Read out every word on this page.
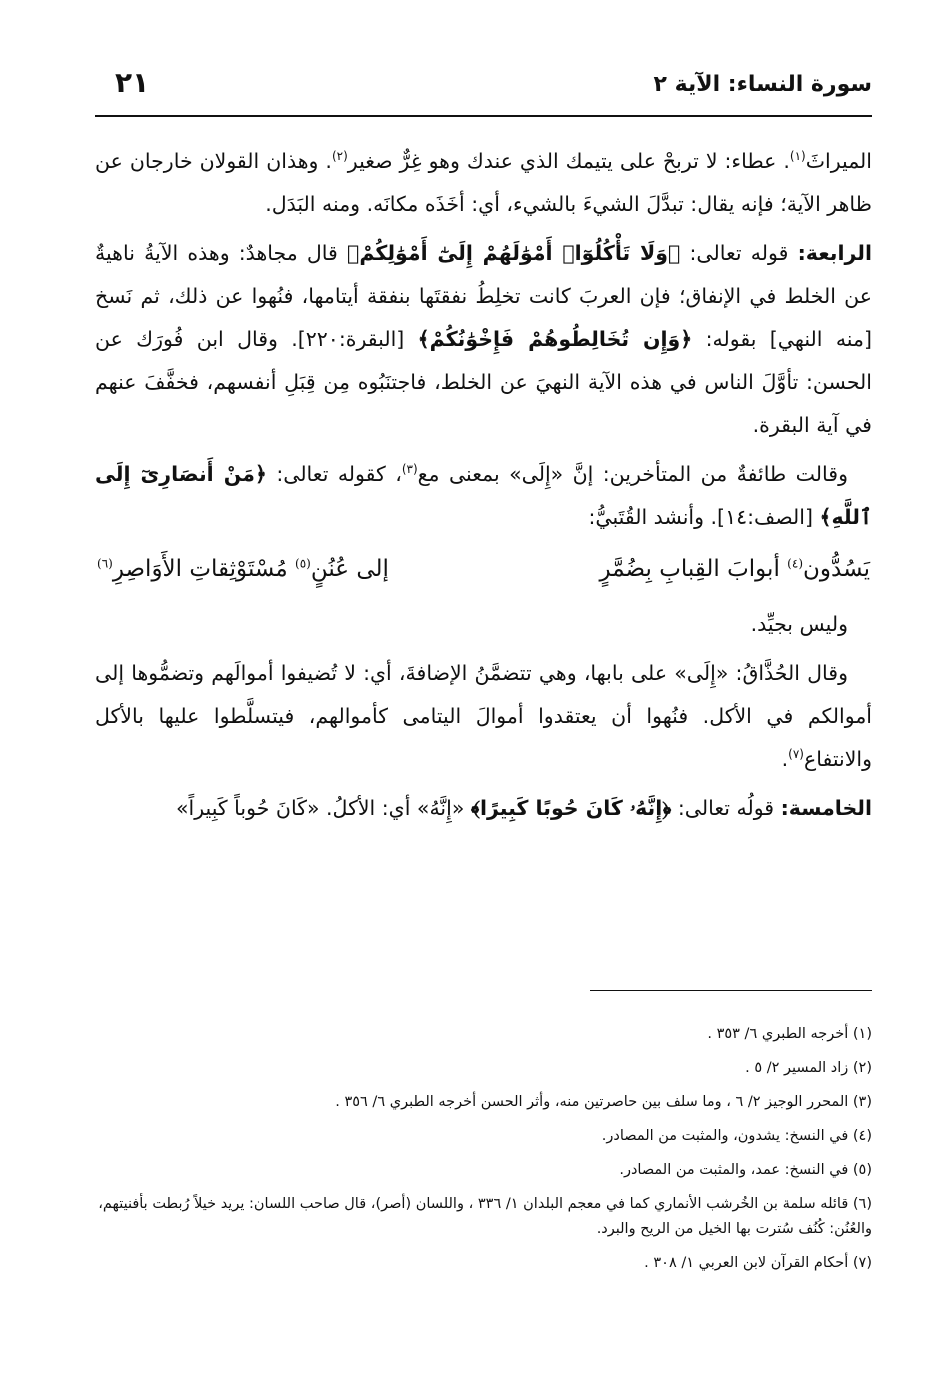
سورة النساء: الآية ٢
٢١

الميراثَ$^{(١)}$. عطاء: لا تربحْ على يتيمك الذي عندك وهو غِرٌّ صغير$^{(٢)}$. وهذان القولان خارجان عن ظاهر الآية؛ فإنه يقال: تبدَّلَ الشيءَ بالشيء، أي: أخَذَه مكانَه. ومنه البَدَل.

الرابعة: قوله تعالى: ﴿وَلَا تَأْكُلُوٓا۟ أَمْوَٰلَهُمْ إِلَىٰٓ أَمْوَٰلِكُمْ﴾ قال مجاهدٌ: وهذه الآيةُ ناهيةٌ عن الخلط في الإنفاق؛ فإن العربَ كانت تخلِطُ نفقتَها بنفقة أيتامها، فنُهوا عن ذلك، ثم نَسخ [منه النهي] بقوله: ﴿وَإِن تُخَالِطُوهُمْ فَإِخْوَٰنُكُمْ﴾ [البقرة:٢٢٠]. وقال ابن فُورَك عن الحسن: تأوَّلَ الناس في هذه الآية النهيَ عن الخلط، فاجتنَبُوه مِن قِبَلِ أنفسهم، فخفَّفَ عنهم في آية البقرة.

وقالت طائفةٌ من المتأخرين: إنَّ «إِلَى» بمعنى مع$^{(٣)}$، كقوله تعالى: ﴿مَنْ أَنصَارِىٓ إِلَى ٱللَّهِ﴾ [الصف:١٤]. وأنشد القُتَبيُّ:

يَسُدُّون$^{(٤)}$ أبوابَ القِبابِ بِضُمَّرٍ
إلى عُنُنٍ$^{(٥)}$ مُسْتَوْثِقاتِ الأَوَاصِرِ$^{(٦)}$

وليس بجيِّد.

وقال الحُذَّاقُ: «إِلَى» على بابها، وهي تتضمَّنُ الإضافةَ، أي: لا تُضيفوا أموالَهم وتضمُّوها إلى أموالكم في الأكل. فنُهوا أن يعتقدوا أموالَ اليتامى كأموالهم، فيتسلَّطوا عليها بالأكل والانتفاع$^{(٧)}$.

الخامسة: قولُه تعالى: ﴿إِنَّهُۥ كَانَ حُوبًا كَبِيرًا﴾ «إِنَّهُ» أي: الأكلُ. «كَانَ حُوباً كَبِيراً»

(١) أخرجه الطبري ٦/ ٣٥٣ .
(٢) زاد المسير ٢/ ٥ .
(٣) المحرر الوجيز ٢/ ٦ ، وما سلف بين حاصرتين منه، وأثر الحسن أخرجه الطبري ٦/ ٣٥٦ .
(٤) في النسخ: يشدون، والمثبت من المصادر.
(٥) في النسخ: عمد، والمثبت من المصادر.
(٦) قائله سلمة بن الخُرشب الأنماري كما في معجم البلدان ١/ ٣٣٦ ، واللسان (أصر)، قال صاحب اللسان: يريد خيلاً رُبطت بأفنيتهم، والعُنُن: كُنُف سُترت بها الخيل من الريح والبرد.
(٧) أحكام القرآن لابن العربي ١/ ٣٠٨ .
